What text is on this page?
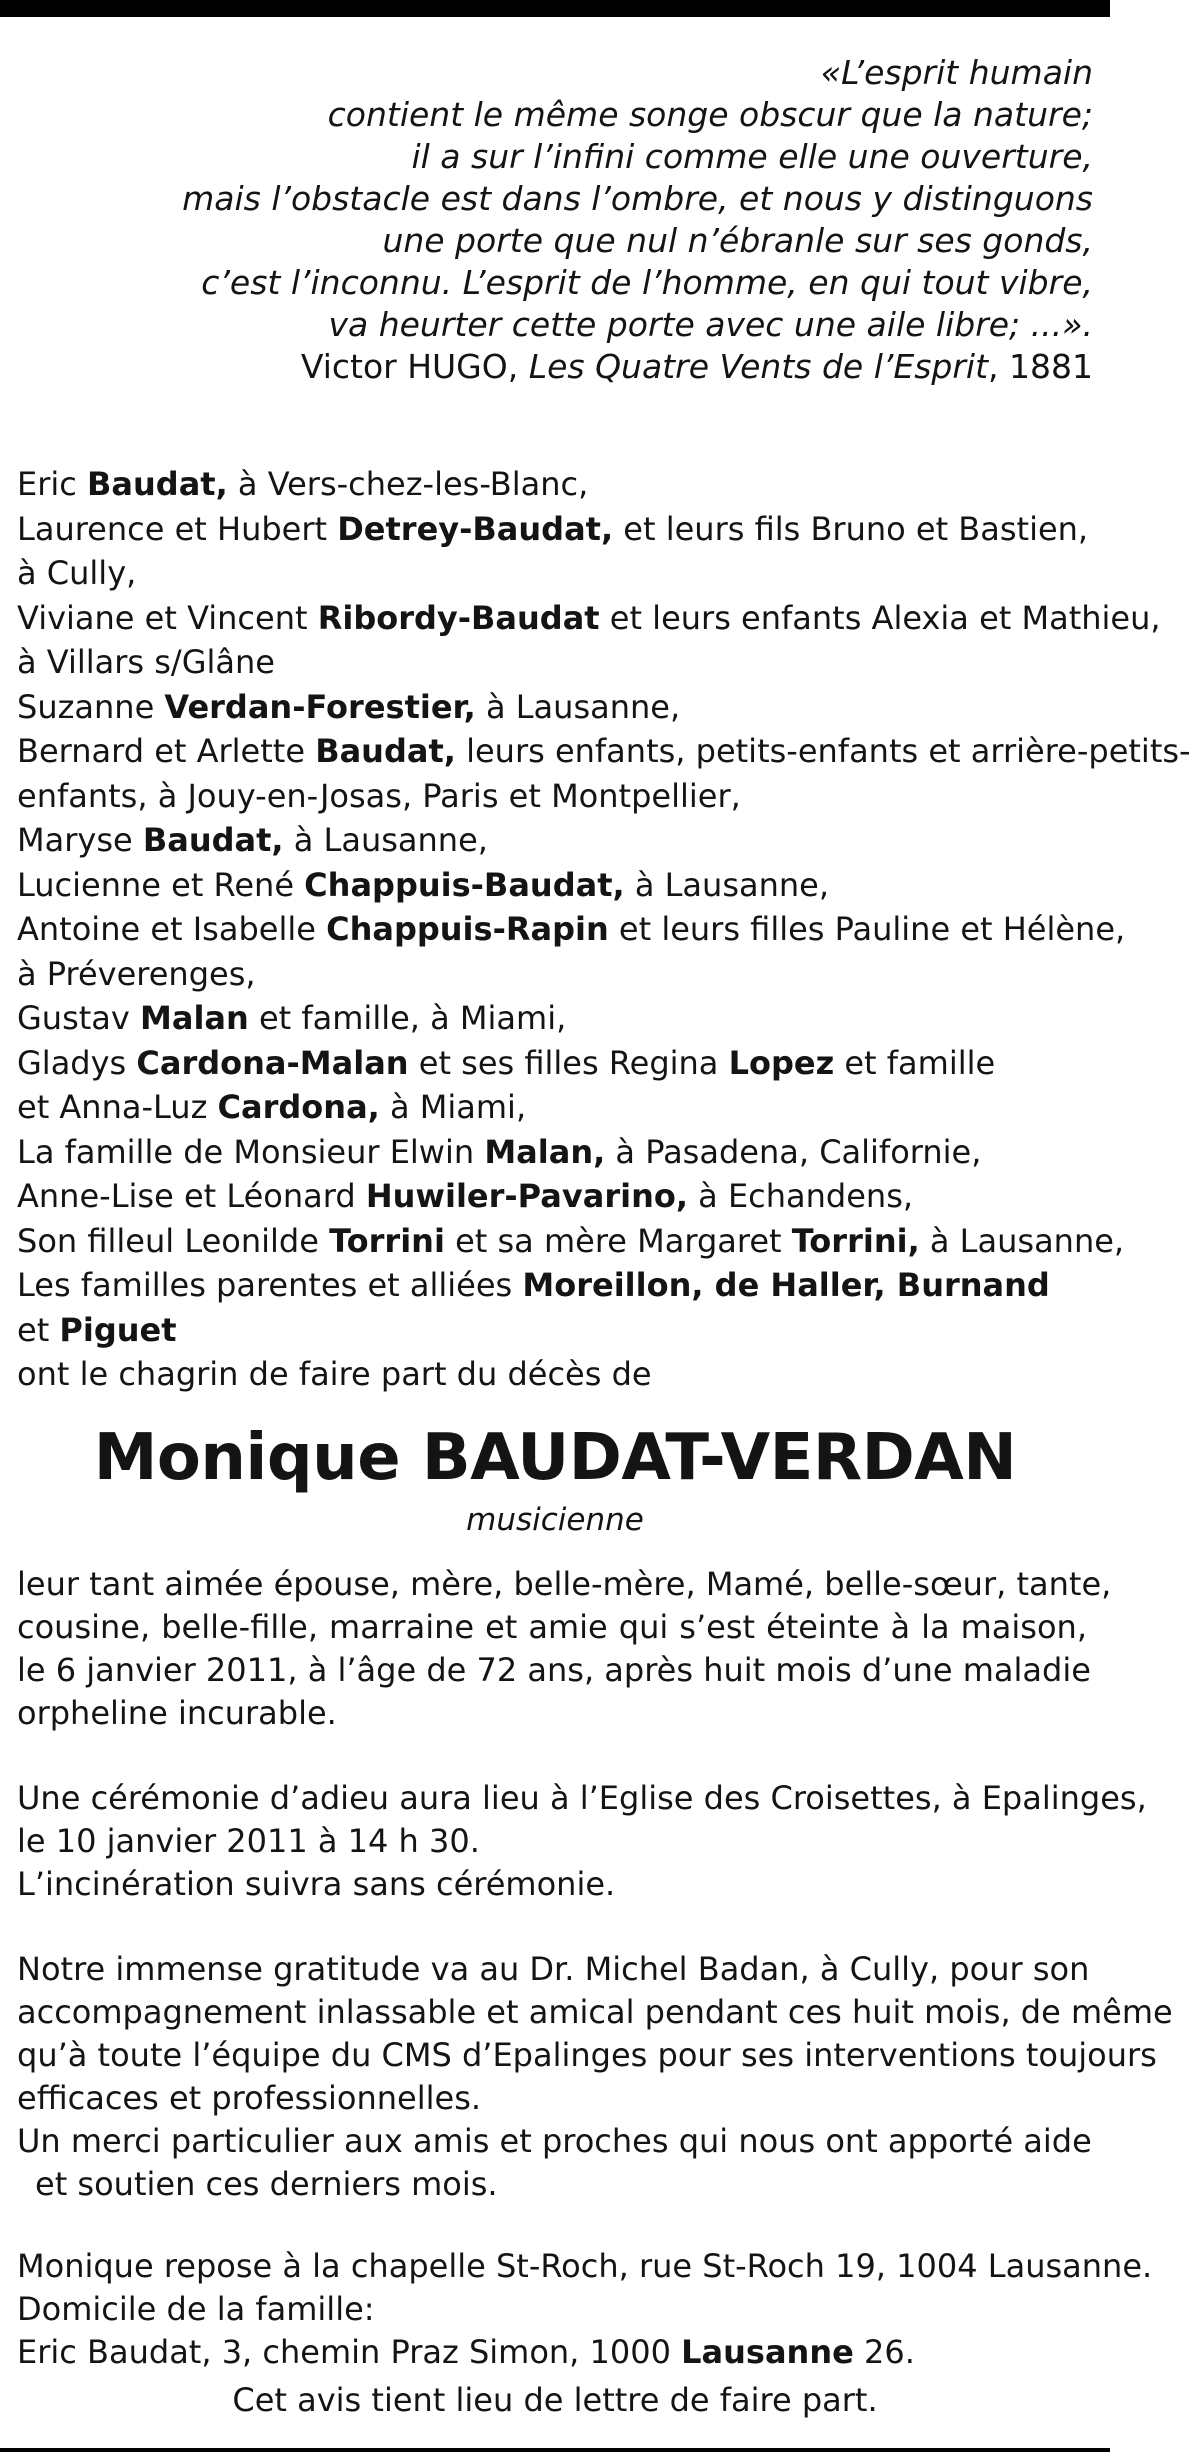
«L’esprit humain
contient le même songe obscur que la nature;
il a sur l’infini comme elle une ouverture,
mais l’obstacle est dans l’ombre, et nous y distinguons
une porte que nul n’ébranle sur ses gonds,
c’est l’inconnu. L’esprit de l’homme, en qui tout vibre,
va heurter cette porte avec une aile libre; ...».
Victor HUGO, Les Quatre Vents de l’Esprit, 1881
Eric Baudat, à Vers-chez-les-Blanc,
Laurence et Hubert Detrey-Baudat, et leurs fils Bruno et Bastien,
à Cully,
Viviane et Vincent Ribordy-Baudat et leurs enfants Alexia et Mathieu,
à Villars s/Glâne
Suzanne Verdan-Forestier, à Lausanne,
Bernard et Arlette Baudat, leurs enfants, petits-enfants et arrière-petits-
enfants, à Jouy-en-Josas, Paris et Montpellier,
Maryse Baudat, à Lausanne,
Lucienne et René Chappuis-Baudat, à Lausanne,
Antoine et Isabelle Chappuis-Rapin et leurs filles Pauline et Hélène,
à Préverenges,
Gustav Malan et famille, à Miami,
Gladys Cardona-Malan et ses filles Regina Lopez et famille
et Anna-Luz Cardona, à Miami,
La famille de Monsieur Elwin Malan, à Pasadena, Californie,
Anne-Lise et Léonard Huwiler-Pavarino, à Echandens,
Son filleul Leonilde Torrini et sa mère Margaret Torrini, à Lausanne,
Les familles parentes et alliées Moreillon, de Haller, Burnand
et Piguet
ont le chagrin de faire part du décès de
Monique BAUDAT-VERDAN
musicienne
leur tant aimée épouse, mère, belle-mère, Mamé, belle-sœur, tante,
cousine, belle-fille, marraine et amie qui s’est éteinte à la maison,
le 6 janvier 2011, à l’âge de 72 ans, après huit mois d’une maladie
orpheline incurable.
Une cérémonie d’adieu aura lieu à l’Eglise des Croisettes, à Epalinges,
le 10 janvier 2011 à 14 h 30.
L’incinération suivra sans cérémonie.
Notre immense gratitude va au Dr. Michel Badan, à Cully, pour son
accompagnement inlassable et amical pendant ces huit mois, de même
qu’à toute l’équipe du CMS d’Epalinges pour ses interventions toujours
efficaces et professionnelles.
Un merci particulier aux amis et proches qui nous ont apporté aide
et soutien ces derniers mois.
Monique repose à la chapelle St-Roch, rue St-Roch 19, 1004 Lausanne.
Domicile de la famille:
Eric Baudat, 3, chemin Praz Simon, 1000 Lausanne 26.
Cet avis tient lieu de lettre de faire part.
